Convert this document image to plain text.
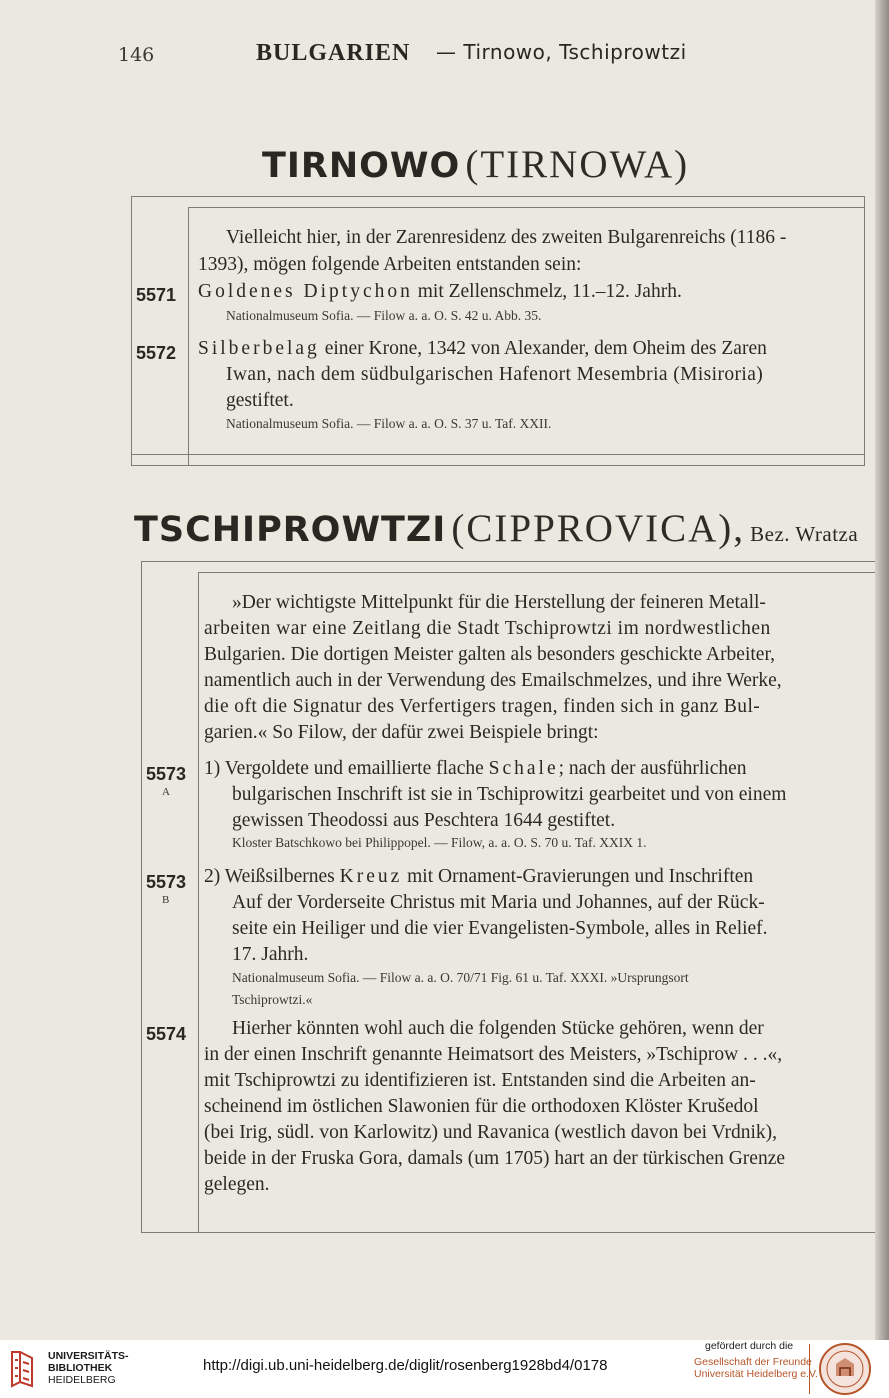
146	BULGARIEN — Tirnowo, Tschiprowtzi
TIRNOWO (TIRNOWA)
Vielleicht hier, in der Zarenresidenz des zweiten Bulgarenreichs (1186 -
1393), mögen folgende Arbeiten entstanden sein:
5571 Goldenes Diptychon mit Zellenschmelz, 11.–12. Jahrh.
Nationalmuseum Sofia. — Filow a. a. O. S. 42 u. Abb. 35.
5572 Silberbelag einer Krone, 1342 von Alexander, dem Oheim des Zaren
Iwan, nach dem südbulgarischen Hafenort Mesembria (Misiroria)
gestiftet.
Nationalmuseum Sofia. — Filow a. a. O. S. 37 u. Taf. XXII.
TSCHIPROWTZI (CIPPROVICA), Bez. Wratza
»Der wichtigste Mittelpunkt für die Herstellung der feineren Metall-
arbeiten war eine Zeitlang die Stadt Tschiprowtzi im nordwestlichen
Bulgarien. Die dortigen Meister galten als besonders geschickte Arbeiter,
namentlich auch in der Verwendung des Emailschmelzes, und ihre Werke,
die oft die Signatur des Verfertigers tragen, finden sich in ganz Bul-
garien.« So Filow, der dafür zwei Beispiele bringt:
5573
A
1) Vergoldete und emaillierte flache Schale; nach der ausführlichen
bulgarischen Inschrift ist sie in Tschiprowitzi gearbeitet und von einem
gewissen Theodossi aus Peschtera 1644 gestiftet.
Kloster Batschkowo bei Philippopel. — Filow, a. a. O. S. 70 u. Taf. XXIX 1.
5573
B
2) Weißsilbernes Kreuz mit Ornament-Gravierungen und Inschriften
Auf der Vorderseite Christus mit Maria und Johannes, auf der Rück-
seite ein Heiliger und die vier Evangelisten-Symbole, alles in Relief.
17. Jahrh.
Nationalmuseum Sofia. — Filow a. a. O. 70/71 Fig. 61 u. Taf. XXXI. »Ursprungsort
Tschiprowtzi.«
5574 Hierher könnten wohl auch die folgenden Stücke gehören, wenn der
in der einen Inschrift genannte Heimatsort des Meisters, »Tschiprow . . .«,
mit Tschiprowtzi zu identifizieren ist. Entstanden sind die Arbeiten an-
scheinend im östlichen Slawonien für die orthodoxen Klöster Krušedol
(bei Irig, südl. von Karlowitz) und Ravanica (westlich davon bei Vrdnik),
beide in der Fruska Gora, damals (um 1705) hart an der türkischen Grenze
gelegen.
UNIVERSITÄTS-
BIBLIOTHEK
HEIDELBERG
http://digi.ub.uni-heidelberg.de/diglit/rosenberg1928bd4/0178
gefördert durch die
Gesellschaft der Freunde
Universität Heidelberg e.V.
